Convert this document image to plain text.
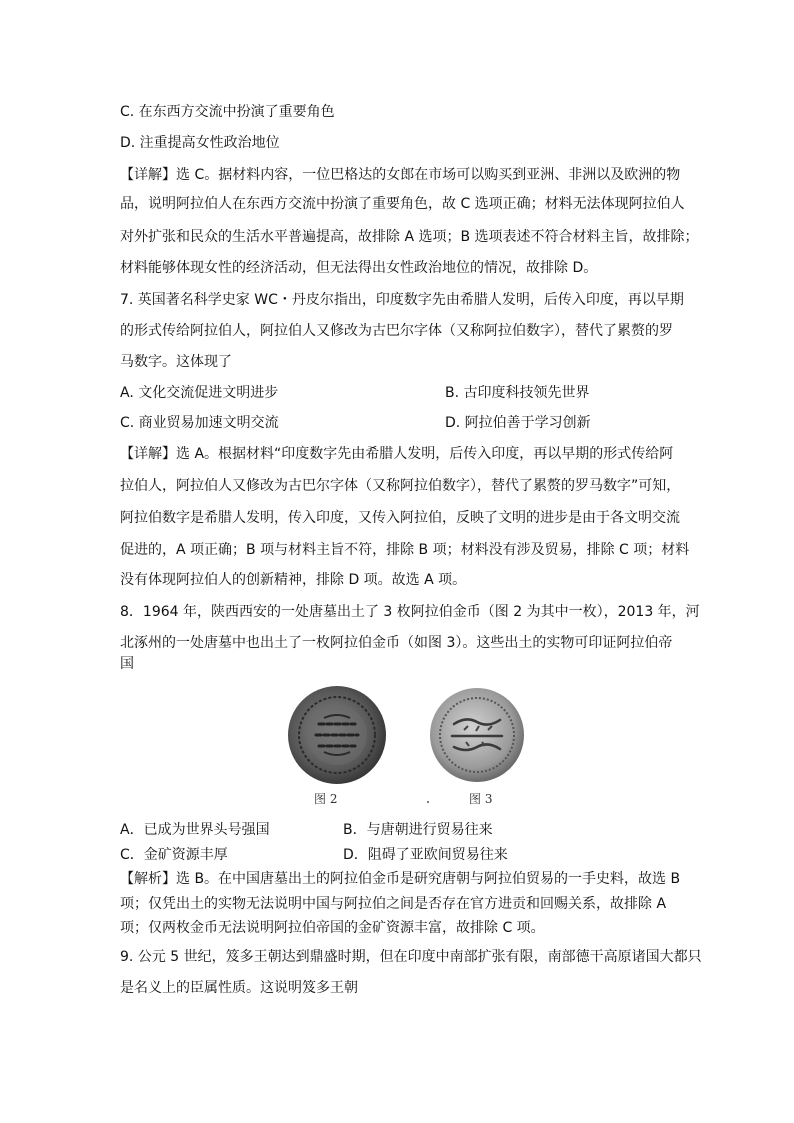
C. 在东西方交流中扮演了重要角色
D. 注重提高女性政治地位
【详解】选 C。据材料内容，一位巴格达的女郎在市场可以购买到亚洲、非洲以及欧洲的物
品，说明阿拉伯人在东西方交流中扮演了重要角色，故 C 选项正确；材料无法体现阿拉伯人
对外扩张和民众的生活水平普遍提高，故排除 A 选项；B 选项表述不符合材料主旨，故排除；
材料能够体现女性的经济活动，但无法得出女性政治地位的情况，故排除 D。
7. 英国著名科学史家 WC・丹皮尔指出，印度数字先由希腊人发明，后传入印度，再以早期
的形式传给阿拉伯人，阿拉伯人又修改为古巴尔字体（又称阿拉伯数字），替代了累赘的罗
马数字。这体现了
A. 文化交流促进文明进步	B. 古印度科技领先世界
C. 商业贸易加速文明交流	D. 阿拉伯善于学习创新
【详解】选 A。根据材料“印度数字先由希腊人发明，后传入印度，再以早期的形式传给阿
拉伯人，阿拉伯人又修改为古巴尔字体（又称阿拉伯数字），替代了累赘的罗马数字”可知，
阿拉伯数字是希腊人发明，传入印度，又传入阿拉伯，反映了文明的进步是由于各文明交流
促进的，A 项正确；B 项与材料主旨不符，排除 B 项；材料没有涉及贸易，排除 C 项；材料
没有体现阿拉伯人的创新精神，排除 D 项。故选 A 项。
8．1964 年，陕西西安的一处唐墓出土了 3 枚阿拉伯金币（图 2 为其中一枚），2013 年，河
北涿州的一处唐墓中也出土了一枚阿拉伯金币（如图 3）。这些出土的实物可印证阿拉伯帝
国
图 2	图 3
A．已成为世界头号强国	B．与唐朝进行贸易往来
C．金矿资源丰厚	D．阻碍了亚欧间贸易往来
【解析】选 B。在中国唐墓出土的阿拉伯金币是研究唐朝与阿拉伯贸易的一手史料，故选 B
项；仅凭出土的实物无法说明中国与阿拉伯之间是否存在官方进贡和回赐关系，故排除 A
项；仅两枚金币无法说明阿拉伯帝国的金矿资源丰富，故排除 C 项。
9. 公元 5 世纪，笈多王朝达到鼎盛时期，但在印度中南部扩张有限，南部德干高原诸国大都只
是名义上的臣属性质。这说明笈多王朝
